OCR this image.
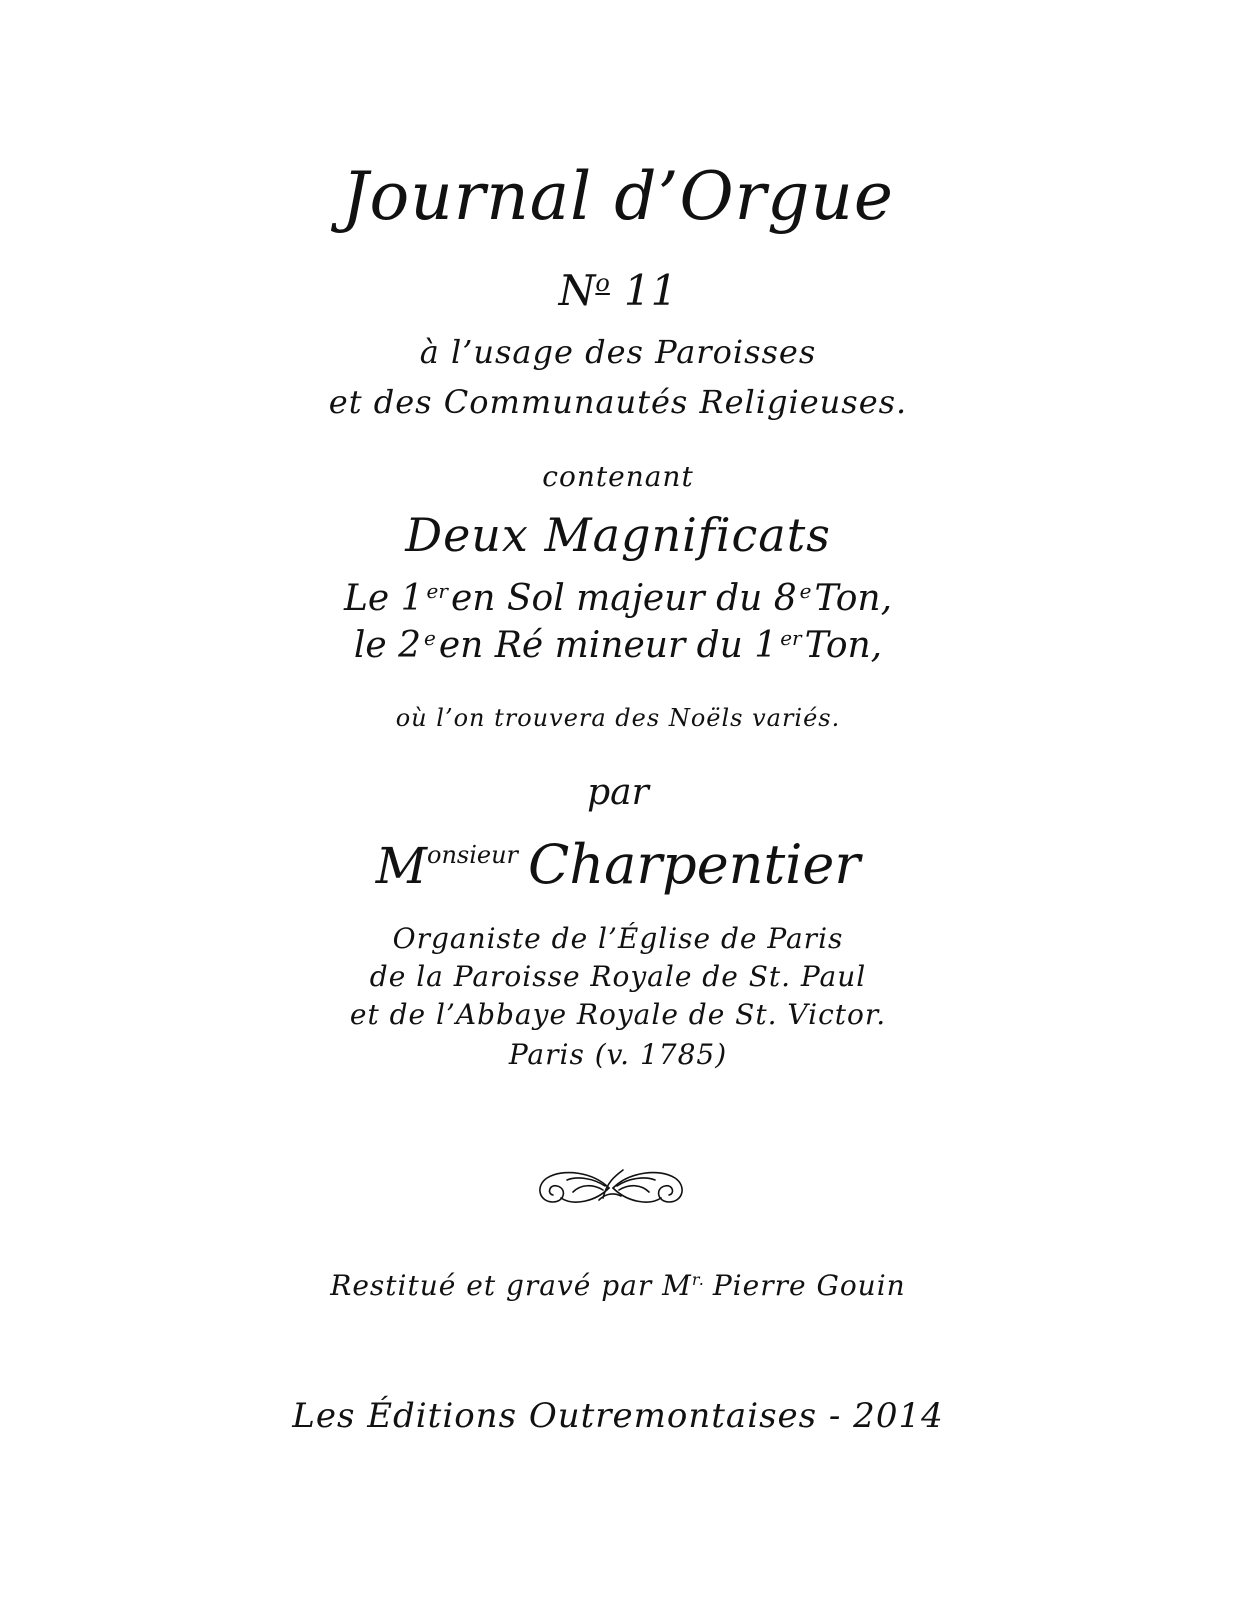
Journal d’Orgue
$N^o$ 11
à l’usage des Paroisses
et des Communautés Religieuses.
contenant
Deux Magnificats
Le 1 $^{er}$en Sol majeur du 8 $^e$Ton,
le 2 $^e$en Ré mineur du 1 $^{er}$Ton,
où l’on trouvera des Noëls variés.
par
$M^{onsieur}$ Charpentier
Organiste de l’Église de Paris
de la Paroisse Royale de St. Paul
et de l’Abbaye Royale de St. Victor.
Paris (v. 1785)
Restitué et gravé par $M^{r.}$ Pierre Gouin
Les Éditions Outremontaises - 2014
